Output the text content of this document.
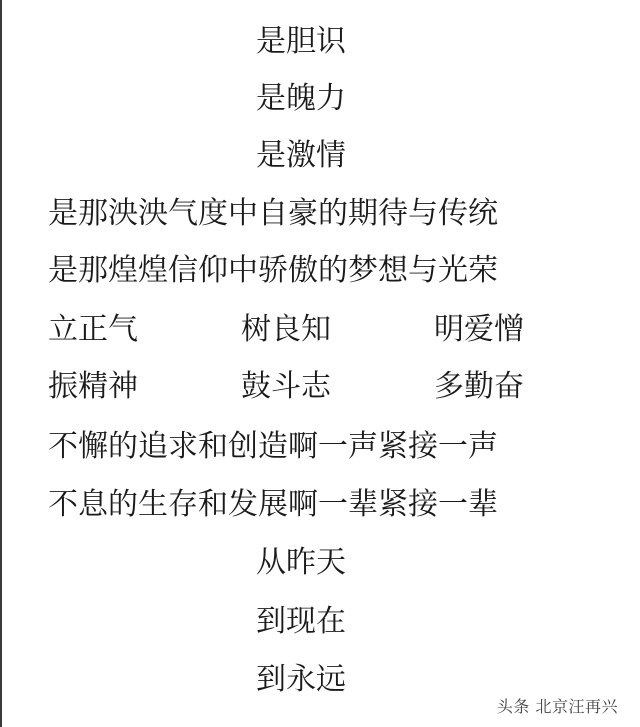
是胆识
是魄力
是激情
是那泱泱气度中自豪的期待与传统
是那煌煌信仰中骄傲的梦想与光荣
立正气	树良知	明爱憎
振精神	鼓斗志	多勤奋
不懈的追求和创造啊一声紧接一声
不息的生存和发展啊一辈紧接一辈
从昨天
到现在
到永远
头条 北京汪再兴
